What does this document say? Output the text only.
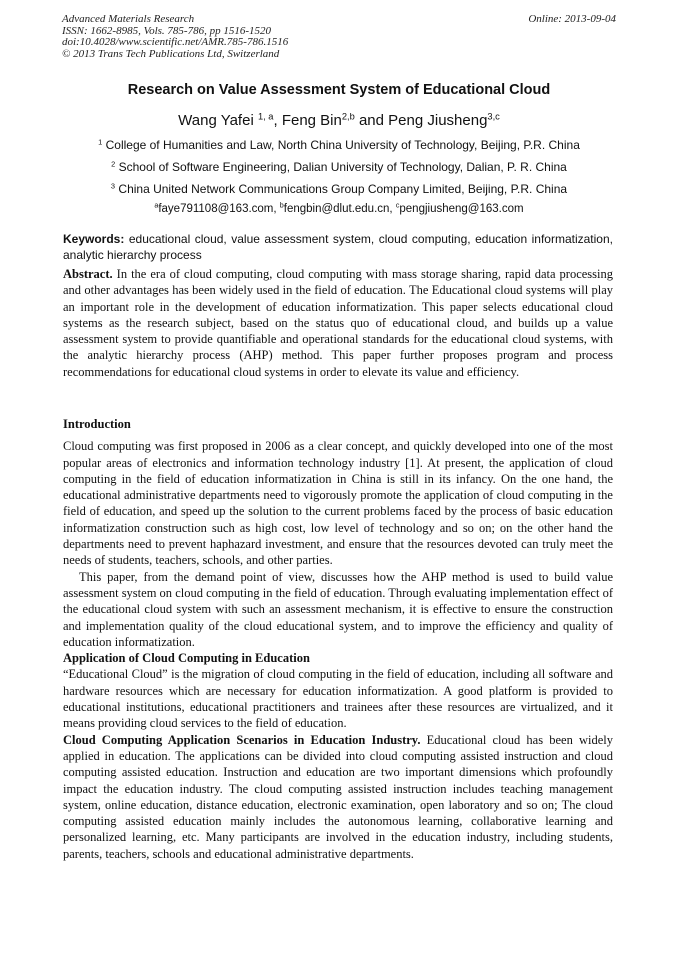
Advanced Materials Research
ISSN: 1662-8985, Vols. 785-786, pp 1516-1520
doi:10.4028/www.scientific.net/AMR.785-786.1516
© 2013 Trans Tech Publications Ltd, Switzerland
Online: 2013-09-04
Research on Value Assessment System of Educational Cloud
Wang Yafei $^{1, a}$, Feng Bin$^{2,b}$ and Peng Jiusheng$^{3,c}$
$^1$ College of Humanities and Law, North China University of Technology, Beijing, P.R. China
$^2$ School of Software Engineering, Dalian University of Technology, Dalian, P. R. China
$^3$ China United Network Communications Group Company Limited, Beijing, P.R. China
$^a$faye791108@163.com, $^b$fengbin@dlut.edu.cn, $^c$pengjiusheng@163.com
Keywords: educational cloud, value assessment system, cloud computing, education informatization, analytic hierarchy process
Abstract. In the era of cloud computing, cloud computing with mass storage sharing, rapid data processing and other advantages has been widely used in the field of education. The Educational cloud systems will play an important role in the development of education informatization. This paper selects educational cloud systems as the research subject, based on the status quo of educational cloud, and builds up a value assessment system to provide quantifiable and operational standards for the educational cloud systems, with the analytic hierarchy process (AHP) method. This paper further proposes program and process recommendations for educational cloud systems in order to elevate its value and efficiency.

Introduction

Cloud computing was first proposed in 2006 as a clear concept, and quickly developed into one of the most popular areas of electronics and information technology industry [1]. At present, the application of cloud computing in the field of education informatization in China is still in its infancy. On the one hand, the educational administrative departments need to vigorously promote the application of cloud computing in the field of education, and speed up the solution to the current problems faced by the process of basic education informatization construction such as high cost, low level of technology and so on; on the other hand the departments need to prevent haphazard investment, and ensure that the resources devoted can truly meet the needs of students, teachers, schools, and other parties.

This paper, from the demand point of view, discusses how the AHP method is used to build value assessment system on cloud computing in the field of education. Through evaluating implementation effect of the educational cloud system with such an assessment mechanism, it is effective to ensure the construction and implementation quality of the cloud educational system, and to improve the efficiency and quality of education informatization.

Application of Cloud Computing in Education

“Educational Cloud” is the migration of cloud computing in the field of education, including all software and hardware resources which are necessary for education informatization. A good platform is provided to educational institutions, educational practitioners and trainees after these resources are virtualized, and it means providing cloud services to the field of education.

Cloud Computing Application Scenarios in Education Industry. Educational cloud has been widely applied in education. The applications can be divided into cloud computing assisted instruction and cloud computing assisted education. Instruction and education are two important dimensions which profoundly impact the education industry. The cloud computing assisted instruction includes teaching management system, online education, distance education, electronic examination, open laboratory and so on; The cloud computing assisted education mainly includes the autonomous learning, collaborative learning and personalized learning, etc. Many participants are involved in the education industry, including students, parents, teachers, schools and educational administrative departments.
